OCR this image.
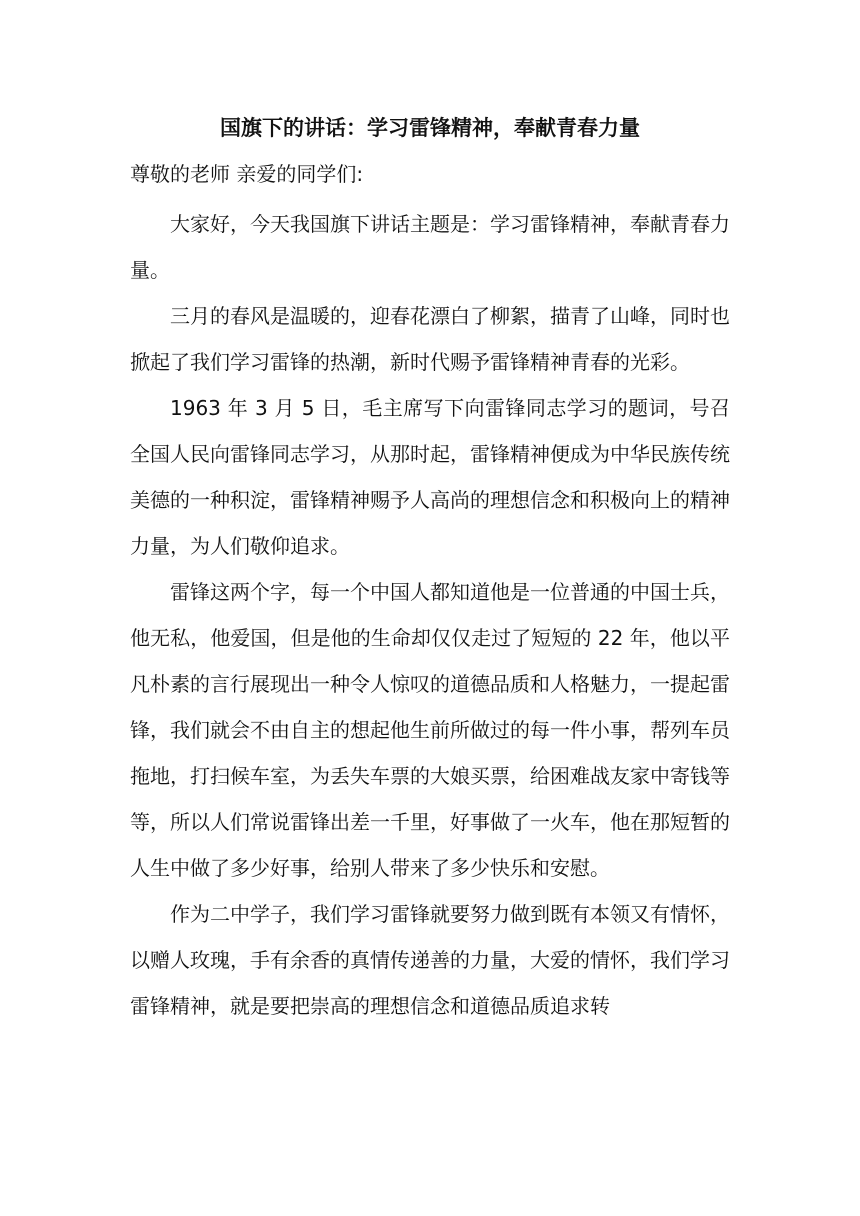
国旗下的讲话：学习雷锋精神，奉献青春力量
尊敬的老师 亲爱的同学们:

大家好，今天我国旗下讲话主题是：学习雷锋精神，奉献青春力量。

三月的春风是温暖的，迎春花漂白了柳絮，描青了山峰，同时也掀起了我们学习雷锋的热潮，新时代赐予雷锋精神青春的光彩。

1963 年 3 月 5 日，毛主席写下向雷锋同志学习的题词，号召全国人民向雷锋同志学习，从那时起，雷锋精神便成为中华民族传统美德的一种积淀，雷锋精神赐予人高尚的理想信念和积极向上的精神力量，为人们敬仰追求。

雷锋这两个字，每一个中国人都知道他是一位普通的中国士兵，他无私，他爱国，但是他的生命却仅仅走过了短短的 22 年，他以平凡朴素的言行展现出一种令人惊叹的道德品质和人格魅力，一提起雷锋，我们就会不由自主的想起他生前所做过的每一件小事，帮列车员拖地，打扫候车室，为丢失车票的大娘买票，给困难战友家中寄钱等等，所以人们常说雷锋出差一千里，好事做了一火车，他在那短暂的人生中做了多少好事，给别人带来了多少快乐和安慰。

作为二中学子，我们学习雷锋就要努力做到既有本领又有情怀，以赠人玫瑰，手有余香的真情传递善的力量，大爱的情怀，我们学习雷锋精神，就是要把崇高的理想信念和道德品质追求转
